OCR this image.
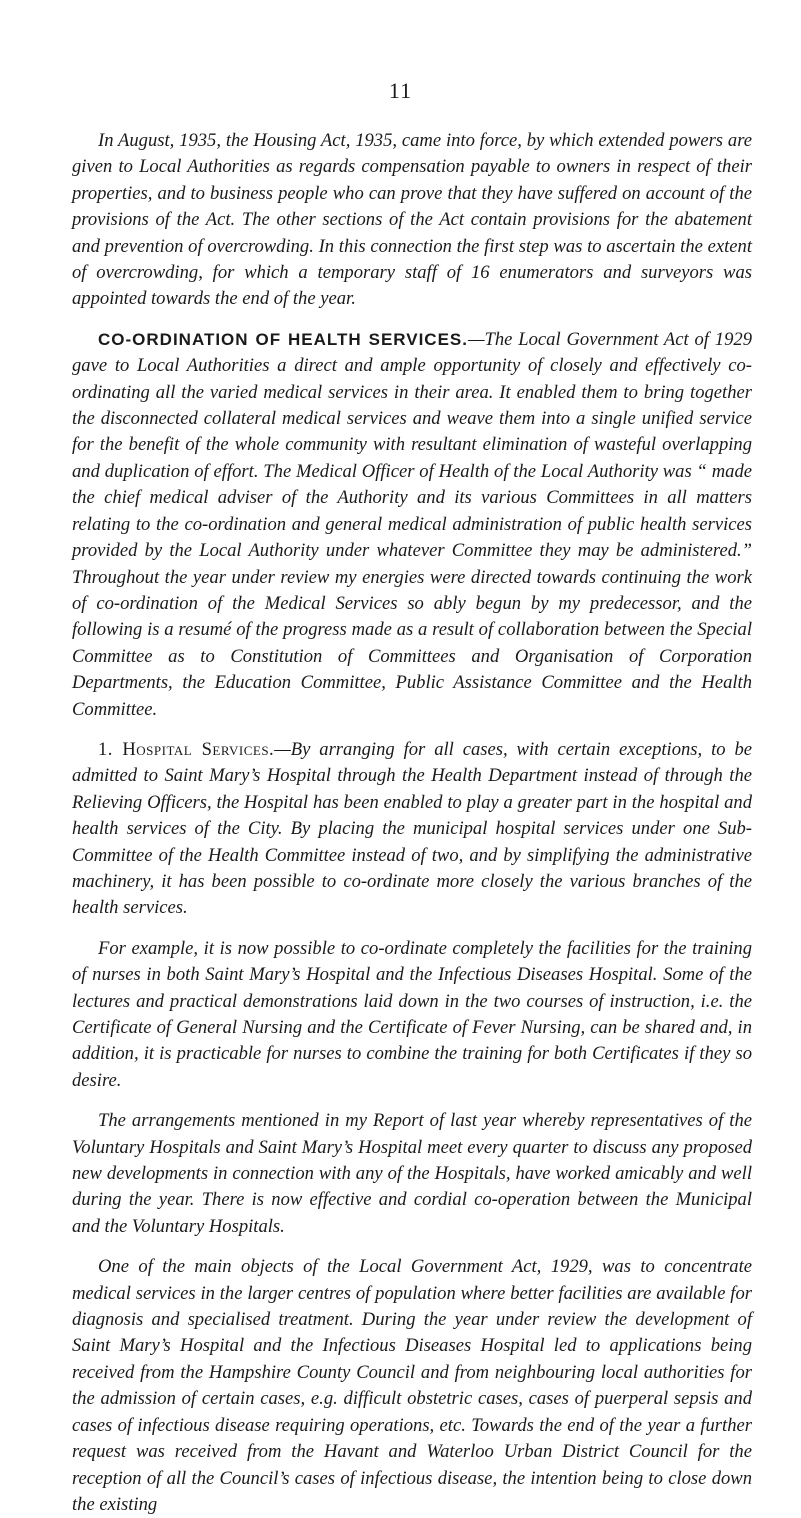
11

In August, 1935, the Housing Act, 1935, came into force, by which extended powers are given to Local Authorities as regards compensation payable to owners in respect of their properties, and to business people who can prove that they have suffered on account of the provisions of the Act. The other sections of the Act contain provisions for the abatement and prevention of overcrowding. In this connection the first step was to ascertain the extent of overcrowding, for which a temporary staff of 16 enumerators and surveyors was appointed towards the end of the year.

CO-ORDINATION OF HEALTH SERVICES.—The Local Government Act of 1929 gave to Local Authorities a direct and ample opportunity of closely and effectively co-ordinating all the varied medical services in their area. It enabled them to bring together the disconnected collateral medical services and weave them into a single unified service for the benefit of the whole community with resultant elimination of wasteful overlapping and duplication of effort. The Medical Officer of Health of the Local Authority was “ made the chief medical adviser of the Authority and its various Committees in all matters relating to the co-ordination and general medical administration of public health services provided by the Local Authority under whatever Committee they may be administered.” Throughout the year under review my energies were directed towards continuing the work of co-ordination of the Medical Services so ably begun by my predecessor, and the following is a resumé of the progress made as a result of collaboration between the Special Committee as to Constitution of Committees and Organisation of Corporation Departments, the Education Committee, Public Assistance Committee and the Health Committee.

1. Hospital Services.—By arranging for all cases, with certain exceptions, to be admitted to Saint Mary’s Hospital through the Health Department instead of through the Relieving Officers, the Hospital has been enabled to play a greater part in the hospital and health services of the City. By placing the municipal hospital services under one Sub-Committee of the Health Committee instead of two, and by simplifying the administrative machinery, it has been possible to co-ordinate more closely the various branches of the health services.

For example, it is now possible to co-ordinate completely the facilities for the training of nurses in both Saint Mary’s Hospital and the Infectious Diseases Hospital. Some of the lectures and practical demonstrations laid down in the two courses of instruction, i.e. the Certificate of General Nursing and the Certificate of Fever Nursing, can be shared and, in addition, it is practicable for nurses to combine the training for both Certificates if they so desire.

The arrangements mentioned in my Report of last year whereby representatives of the Voluntary Hospitals and Saint Mary’s Hospital meet every quarter to discuss any proposed new developments in connection with any of the Hospitals, have worked amicably and well during the year. There is now effective and cordial co-operation between the Municipal and the Voluntary Hospitals.

One of the main objects of the Local Government Act, 1929, was to concentrate medical services in the larger centres of population where better facilities are available for diagnosis and specialised treatment. During the year under review the development of Saint Mary’s Hospital and the Infectious Diseases Hospital led to applications being received from the Hampshire County Council and from neighbouring local authorities for the admission of certain cases, e.g. difficult obstetric cases, cases of puerperal sepsis and cases of infectious disease requiring operations, etc. Towards the end of the year a further request was received from the Havant and Waterloo Urban District Council for the reception of all the Council’s cases of infectious disease, the intention being to close down the existing
